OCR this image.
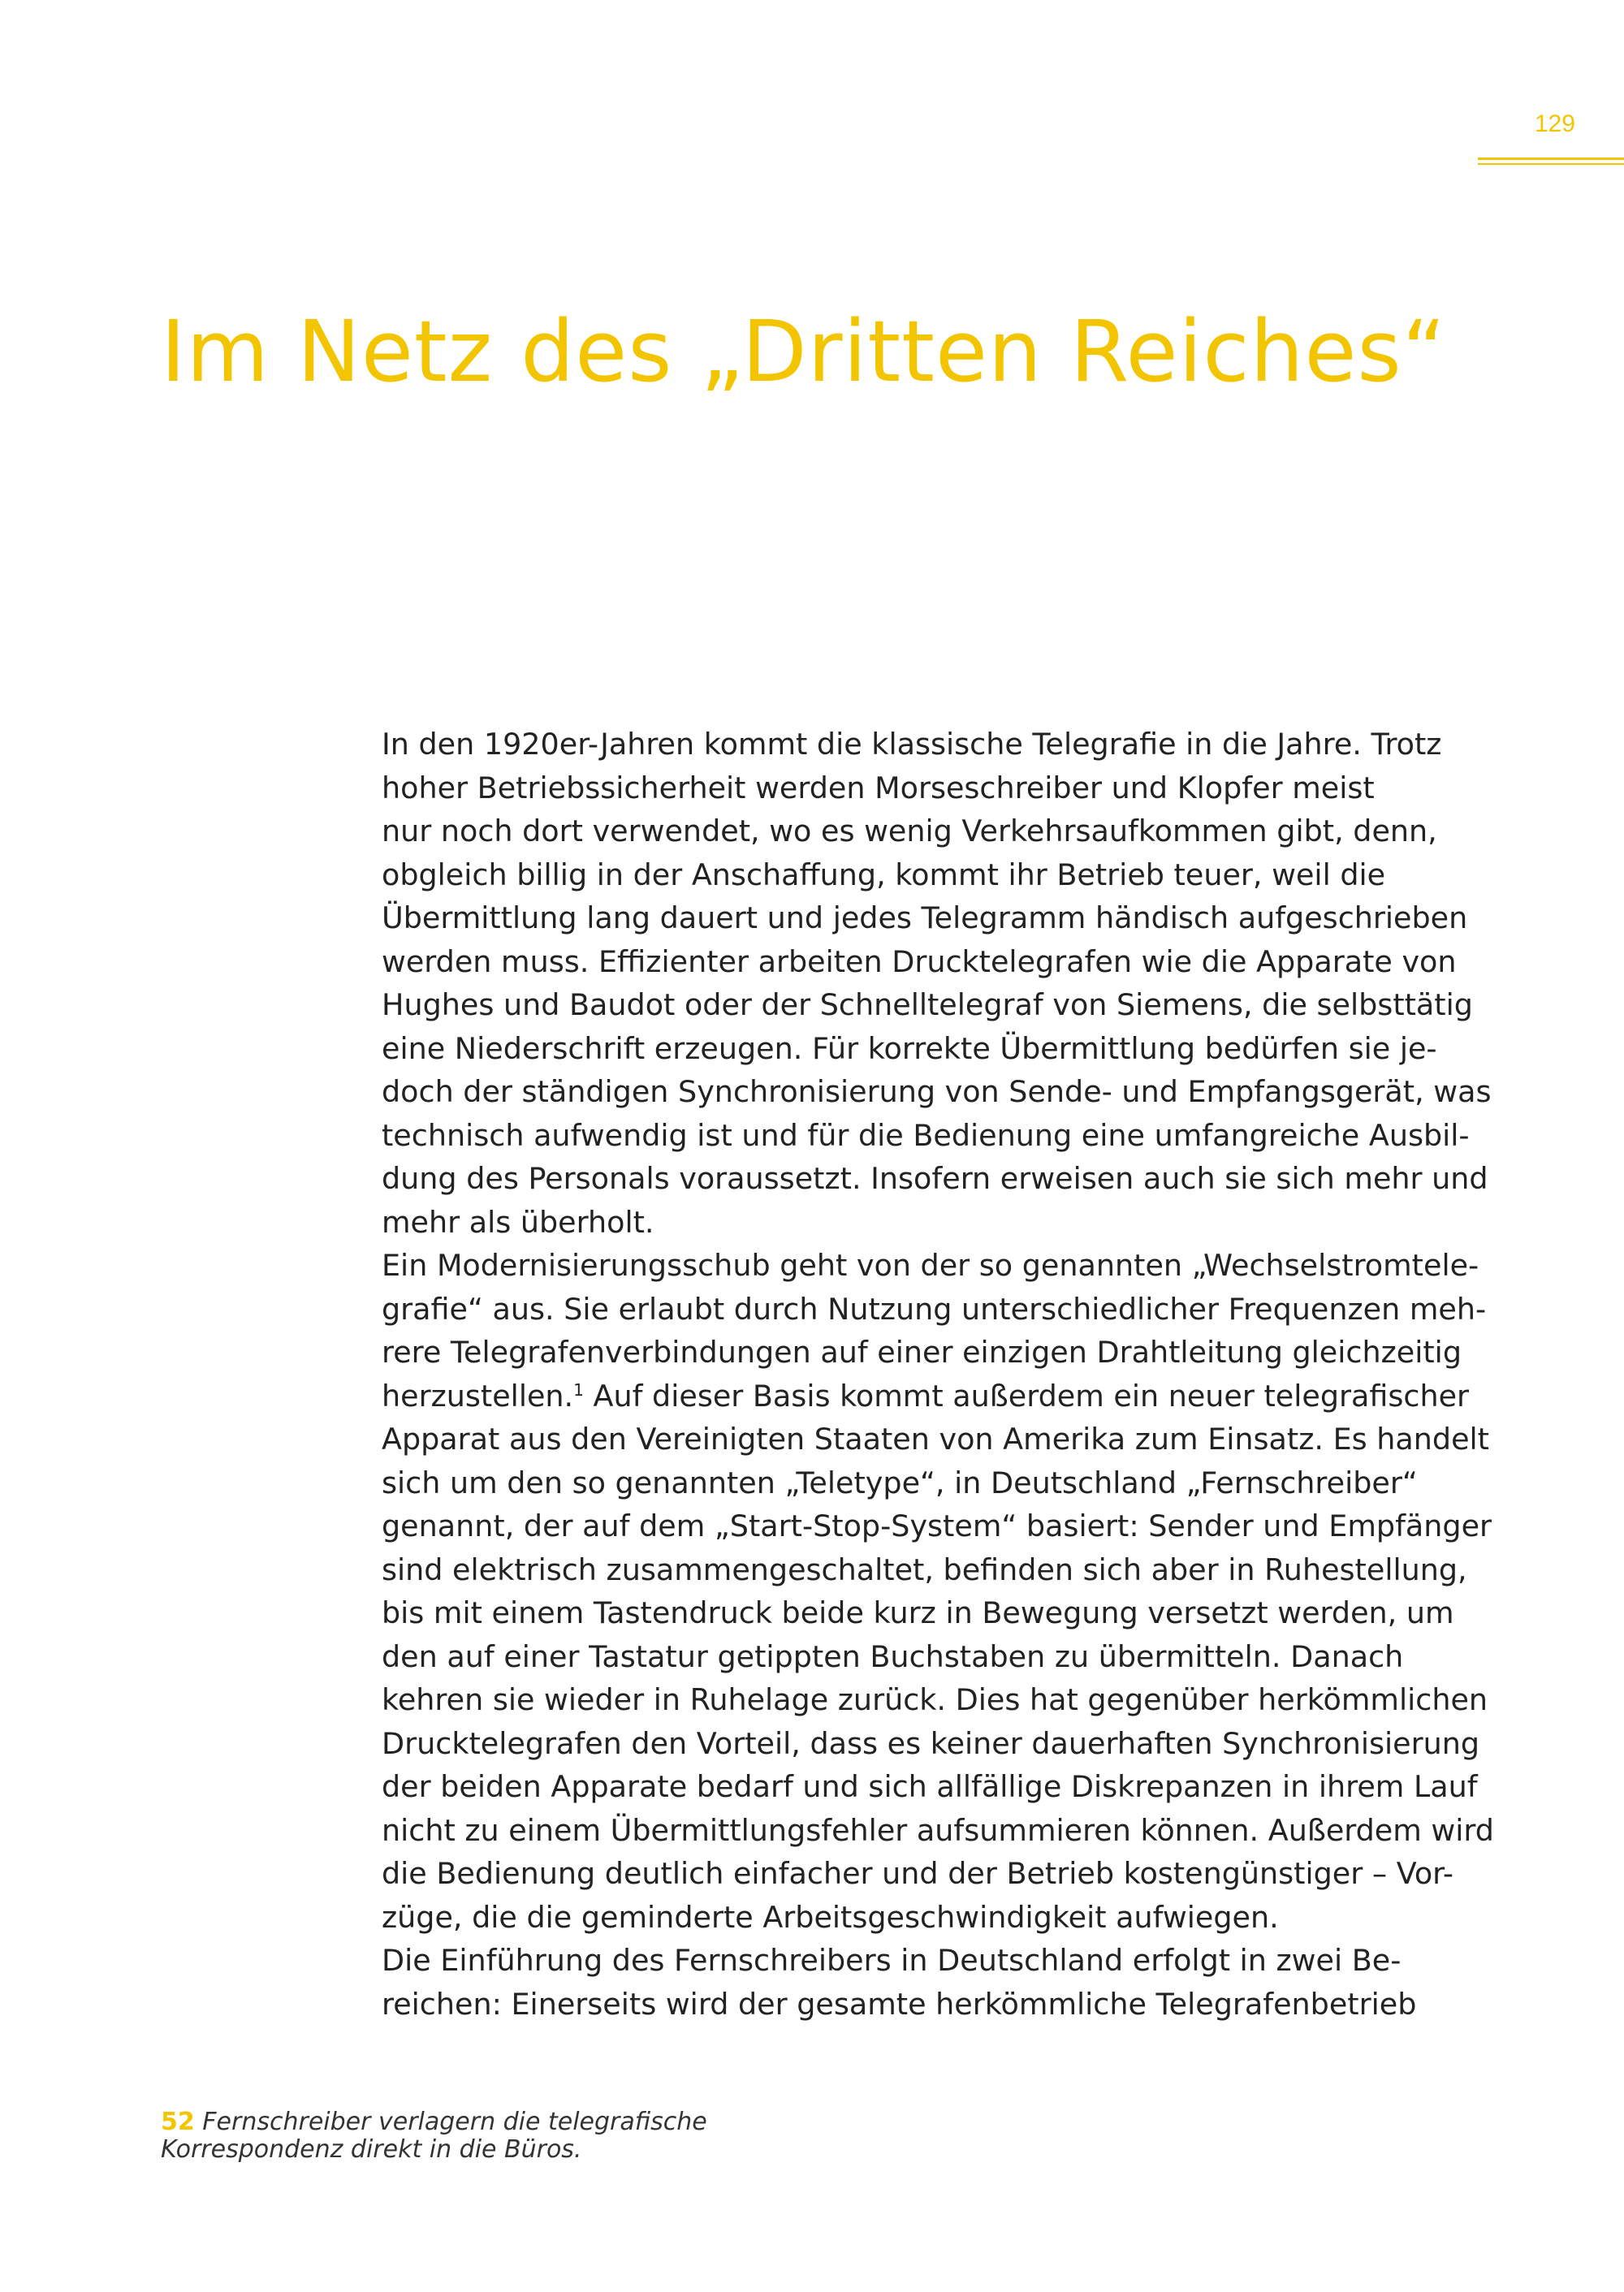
129
Im Netz des „Dritten Reiches“
In den 1920er-Jahren kommt die klassische Telegrafie in die Jahre. Trotz
hoher Betriebssicherheit werden Morseschreiber und Klopfer meist
nur noch dort verwendet, wo es wenig Verkehrsaufkommen gibt, denn,
obgleich billig in der Anschaffung, kommt ihr Betrieb teuer, weil die
Übermittlung lang dauert und jedes Telegramm händisch aufgeschrieben
werden muss. Effizienter arbeiten Drucktelegrafen wie die Apparate von
Hughes und Baudot oder der Schnelltelegraf von Siemens, die selbsttätig
eine Niederschrift erzeugen. Für korrekte Übermittlung bedürfen sie je-
doch der ständigen Synchronisierung von Sende- und Empfangsgerät, was
technisch aufwendig ist und für die Bedienung eine umfangreiche Ausbil-
dung des Personals voraussetzt. Insofern erweisen auch sie sich mehr und
mehr als überholt.
Ein Modernisierungsschub geht von der so genannten „Wechselstromtele-
grafie“ aus. Sie erlaubt durch Nutzung unterschiedlicher Frequenzen meh-
rere Telegrafenverbindungen auf einer einzigen Drahtleitung gleichzeitig
herzustellen.$^1$ Auf dieser Basis kommt außerdem ein neuer telegrafischer
Apparat aus den Vereinigten Staaten von Amerika zum Einsatz. Es handelt
sich um den so genannten „Teletype“, in Deutschland „Fernschreiber“
genannt, der auf dem „Start-Stop-System“ basiert: Sender und Empfänger
sind elektrisch zusammengeschaltet, befinden sich aber in Ruhestellung,
bis mit einem Tastendruck beide kurz in Bewegung versetzt werden, um
den auf einer Tastatur getippten Buchstaben zu übermitteln. Danach
kehren sie wieder in Ruhelage zurück. Dies hat gegenüber herkömmlichen
Drucktelegrafen den Vorteil, dass es keiner dauerhaften Synchronisierung
der beiden Apparate bedarf und sich allfällige Diskrepanzen in ihrem Lauf
nicht zu einem Übermittlungsfehler aufsummieren können. Außerdem wird
die Bedienung deutlich einfacher und der Betrieb kostengünstiger – Vor-
züge, die die geminderte Arbeitsgeschwindigkeit aufwiegen.
Die Einführung des Fernschreibers in Deutschland erfolgt in zwei Be-
reichen: Einerseits wird der gesamte herkömmliche Telegrafenbetrieb
52 Fernschreiber verlagern die telegrafische
Korrespondenz direkt in die Büros.
